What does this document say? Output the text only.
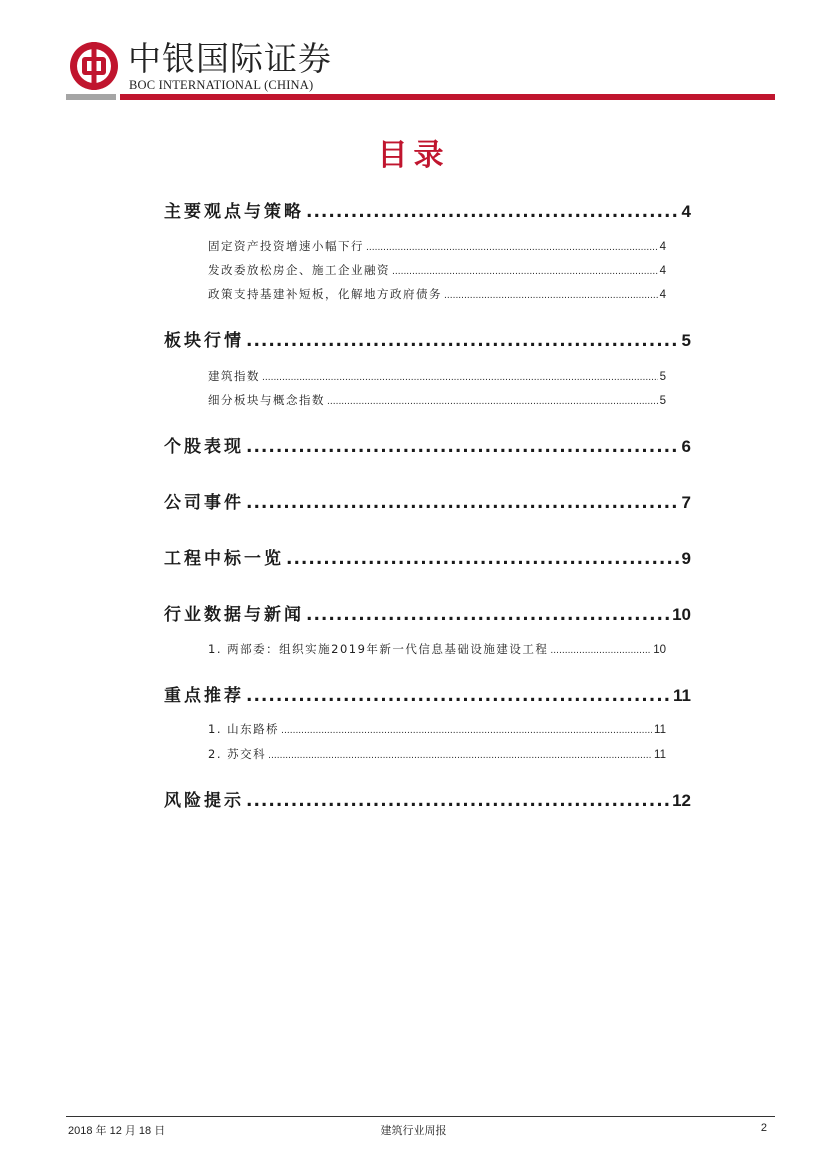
中银国际证券
BOC INTERNATIONAL (CHINA)
目录
主要观点与策略 .....	4
固定资产投资增速小幅下行 .....	4
发改委放松房企、施工企业融资 .....	4
政策支持基建补短板，化解地方政府债务 .....	4
板块行情 .....	5
建筑指数 .....	5
细分板块与概念指数 .....	5
个股表现 .....	6
公司事件 .....	7
工程中标一览 .....	9
行业数据与新闻 .....	10
1. 两部委：组织实施2019年新一代信息基础设施建设工程 .....	10
重点推荐 .....	11
1. 山东路桥 .....	11
2. 苏交科 .....	11
风险提示 .....	12
2018 年 12 月 18 日	建筑行业周报	2
